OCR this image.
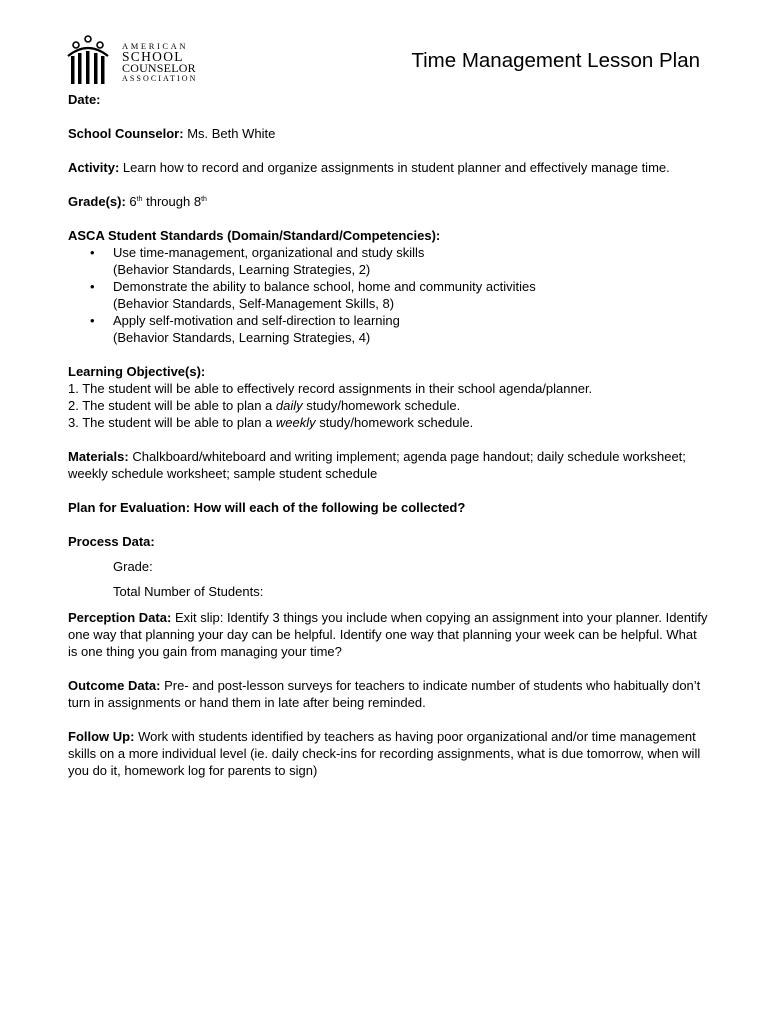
AMERICAN
SCHOOL
COUNSELOR
ASSOCIATION
Time Management Lesson Plan

Date:

School Counselor: Ms. Beth White

Activity: Learn how to record and organize assignments in student planner and effectively manage time.

Grade(s): 6th through 8th

ASCA Student Standards (Domain/Standard/Competencies):

• Use time-management, organizational and study skills
(Behavior Standards, Learning Strategies, 2)
• Demonstrate the ability to balance school, home and community activities
(Behavior Standards, Self-Management Skills, 8)
• Apply self-motivation and self-direction to learning
(Behavior Standards, Learning Strategies, 4)

Learning Objective(s):

1. The student will be able to effectively record assignments in their school agenda/planner.

2. The student will be able to plan a daily study/homework schedule.

3. The student will be able to plan a weekly study/homework schedule.

Materials: Chalkboard/whiteboard and writing implement; agenda page handout; daily schedule worksheet; weekly schedule worksheet; sample student schedule

Plan for Evaluation: How will each of the following be collected?

Process Data:

Grade:

Total Number of Students:

Perception Data: Exit slip: Identify 3 things you include when copying an assignment into your planner. Identify one way that planning your day can be helpful. Identify one way that planning your week can be helpful. What is one thing you gain from managing your time?

Outcome Data: Pre- and post-lesson surveys for teachers to indicate number of students who habitually don’t turn in assignments or hand them in late after being reminded.

Follow Up: Work with students identified by teachers as having poor organizational and/or time management skills on a more individual level (ie. daily check-ins for recording assignments, what is due tomorrow, when will you do it, homework log for parents to sign)
